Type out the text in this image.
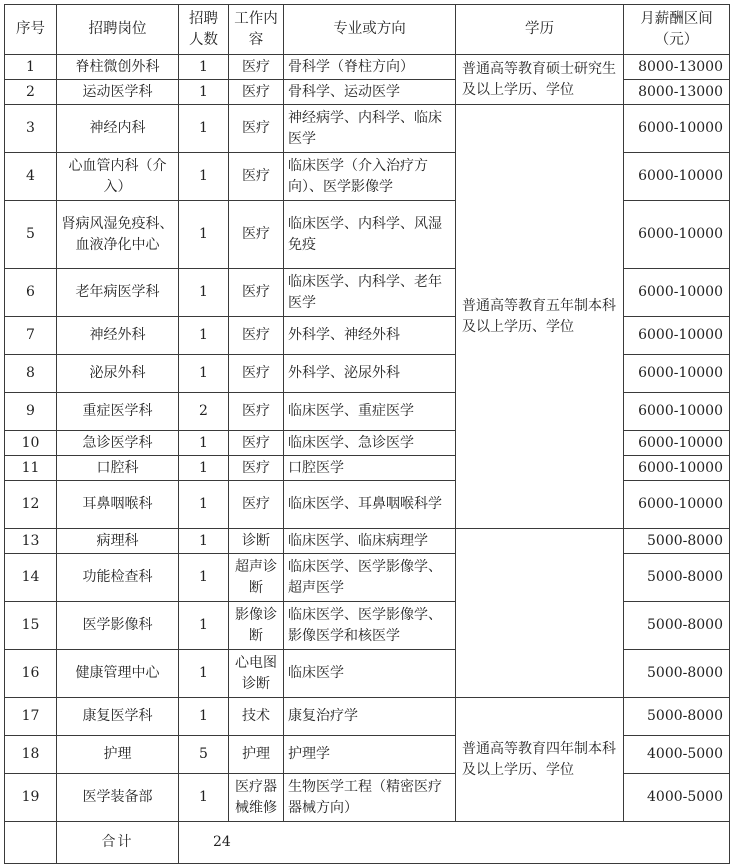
序号	招聘岗位	招聘人数	工作内容	专业或方向	学历	月薪酬区间（元）
1	脊柱微创外科	1	医疗	骨科学（脊柱方向）	普通高等教育硕士研究生及以上学历、学位	8000-13000
2	运动医学科	1	医疗	骨科学、运动医学		8000-13000
3	神经内科	1	医疗	神经病学、内科学、临床医学	普通高等教育五年制本科及以上学历、学位	6000-10000
4	心血管内科（介入）	1	医疗	临床医学（介入治疗方向）、医学影像学		6000-10000
5	肾病风湿免疫科、血液净化中心	1	医疗	临床医学、内科学、风湿免疫		6000-10000
6	老年病医学科	1	医疗	临床医学、内科学、老年医学		6000-10000
7	神经外科	1	医疗	外科学、神经外科		6000-10000
8	泌尿外科	1	医疗	外科学、泌尿外科		6000-10000
9	重症医学科	2	医疗	临床医学、重症医学		6000-10000
10	急诊医学科	1	医疗	临床医学、急诊医学		6000-10000
11	口腔科	1	医疗	口腔医学		6000-10000
12	耳鼻咽喉科	1	医疗	临床医学、耳鼻咽喉科学		6000-10000
13	病理科	1	诊断	临床医学、临床病理学		5000-8000
14	功能检查科	1	超声诊断	临床医学、医学影像学、超声医学		5000-8000
15	医学影像科	1	影像诊断	临床医学、医学影像学、影像医学和核医学		5000-8000
16	健康管理中心	1	心电图诊断	临床医学		5000-8000
17	康复医学科	1	技术	康复治疗学	普通高等教育四年制本科及以上学历、学位	5000-8000
18	护理	5	护理	护理学		4000-5000
19	医学装备部	1	医疗器械维修	生物医学工程（精密医疗器械方向）		4000-5000
	合计	24				
